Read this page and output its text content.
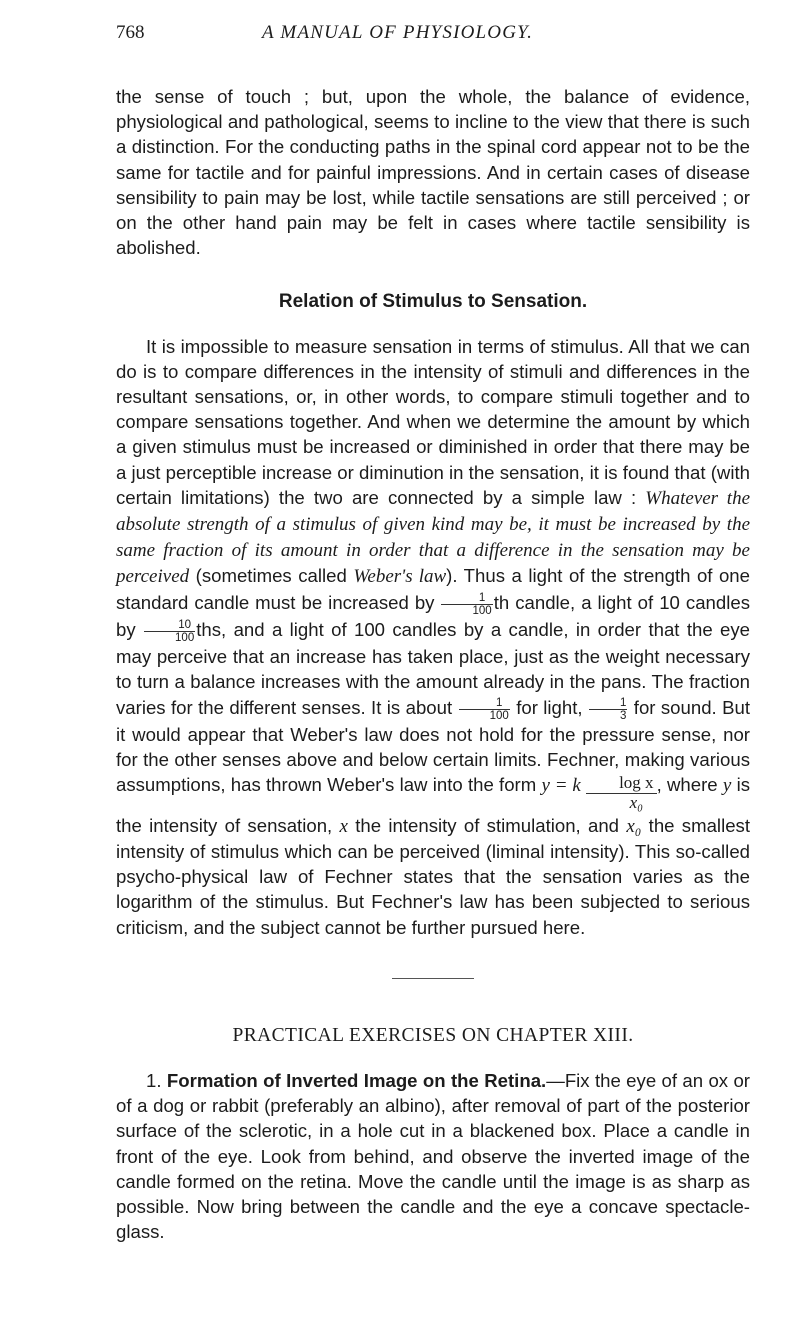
768	A MANUAL OF PHYSIOLOGY.

the sense of touch ; but, upon the whole, the balance of evidence, physiological and pathological, seems to incline to the view that there is such a distinction. For the conducting paths in the spinal cord appear not to be the same for tactile and for painful impressions. And in certain cases of disease sensibility to pain may be lost, while tactile sensations are still perceived ; or on the other hand pain may be felt in cases where tactile sensibility is abolished.

Relation of Stimulus to Sensation.

It is impossible to measure sensation in terms of stimulus. All that we can do is to compare differences in the intensity of stimuli and differences in the resultant sensations, or, in other words, to compare stimuli together and to compare sensations together. And when we determine the amount by which a given stimulus must be increased or diminished in order that there may be a just perceptible increase or diminution in the sensation, it is found that (with certain limitations) the two are connected by a simple law : Whatever the absolute strength of a stimulus of given kind may be, it must be increased by the same fraction of its amount in order that a difference in the sensation may be perceived (sometimes called Weber's law). Thus a light of the strength of one standard candle must be increased by $\frac{1}{100}$ th candle, a light of 10 candles by $\frac{10}{100}$ ths, and a light of 100 candles by a candle, in order that the eye may perceive that an increase has taken place, just as the weight necessary to turn a balance increases with the amount already in the pans. The fraction varies for the different senses. It is about $\frac{1}{100}$ for light, $\frac{1}{3}$ for sound. But it would appear that Weber's law does not hold for the pressure sense, nor for the other senses above and below certain limits. Fechner, making various assumptions, has thrown Weber's law into the form y = k $\frac{\text{log x}}{\text{x₀}}$ , where y is the intensity of sensation, x the intensity of stimulation, and x₀ the smallest intensity of stimulus which can be perceived (liminal intensity). This so-called psycho-physical law of Fechner states that the sensation varies as the logarithm of the stimulus. But Fechner's law has been subjected to serious criticism, and the subject cannot be further pursued here.

PRACTICAL EXERCISES ON CHAPTER XIII.

1. Formation of Inverted Image on the Retina.—Fix the eye of an ox or of a dog or rabbit (preferably an albino), after removal of part of the posterior surface of the sclerotic, in a hole cut in a blackened box. Place a candle in front of the eye. Look from behind, and observe the inverted image of the candle formed on the retina. Move the candle until the image is as sharp as possible. Now bring between the candle and the eye a concave spectacle-glass.
